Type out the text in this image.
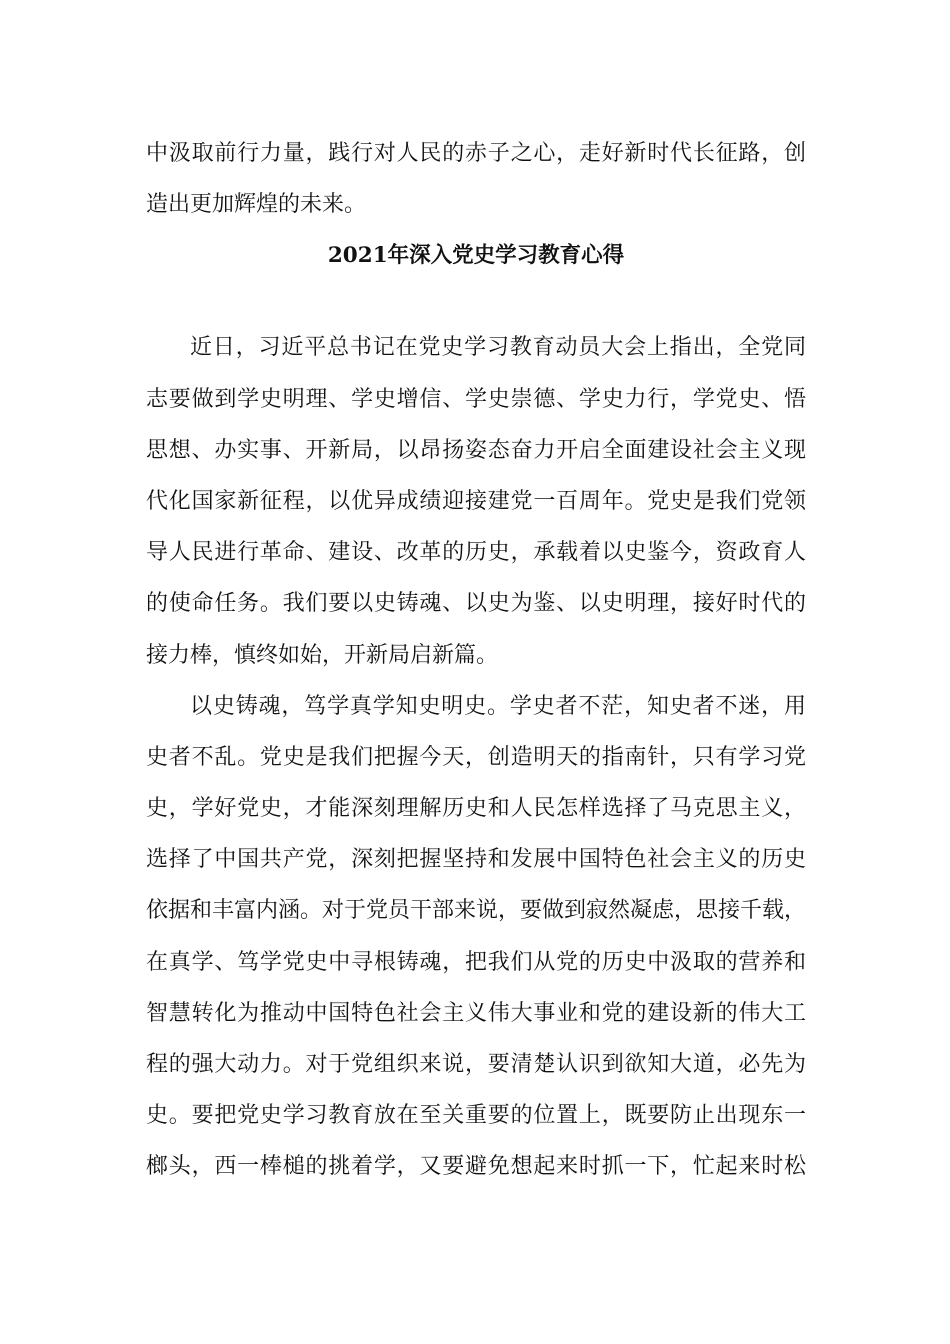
中汲取前行力量，践行对人民的赤子之心，走好新时代长征路，创
造出更加辉煌的未来。
2021年深入党史学习教育心得
近日，习近平总书记在党史学习教育动员大会上指出，全党同
志要做到学史明理、学史增信、学史崇德、学史力行，学党史、悟
思想、办实事、开新局，以昂扬姿态奋力开启全面建设社会主义现
代化国家新征程，以优异成绩迎接建党一百周年。党史是我们党领
导人民进行革命、建设、改革的历史，承载着以史鉴今，资政育人
的使命任务。我们要以史铸魂、以史为鉴、以史明理，接好时代的
接力棒，慎终如始，开新局启新篇。
以史铸魂，笃学真学知史明史。学史者不茫，知史者不迷，用
史者不乱。党史是我们把握今天，创造明天的指南针，只有学习党
史，学好党史，才能深刻理解历史和人民怎样选择了马克思主义，
选择了中国共产党，深刻把握坚持和发展中国特色社会主义的历史
依据和丰富内涵。对于党员干部来说，要做到寂然凝虑，思接千载，
在真学、笃学党史中寻根铸魂，把我们从党的历史中汲取的营养和
智慧转化为推动中国特色社会主义伟大事业和党的建设新的伟大工
程的强大动力。对于党组织来说，要清楚认识到欲知大道，必先为
史。要把党史学习教育放在至关重要的位置上，既要防止出现东一
榔头，西一棒槌的挑着学，又要避免想起来时抓一下，忙起来时松
